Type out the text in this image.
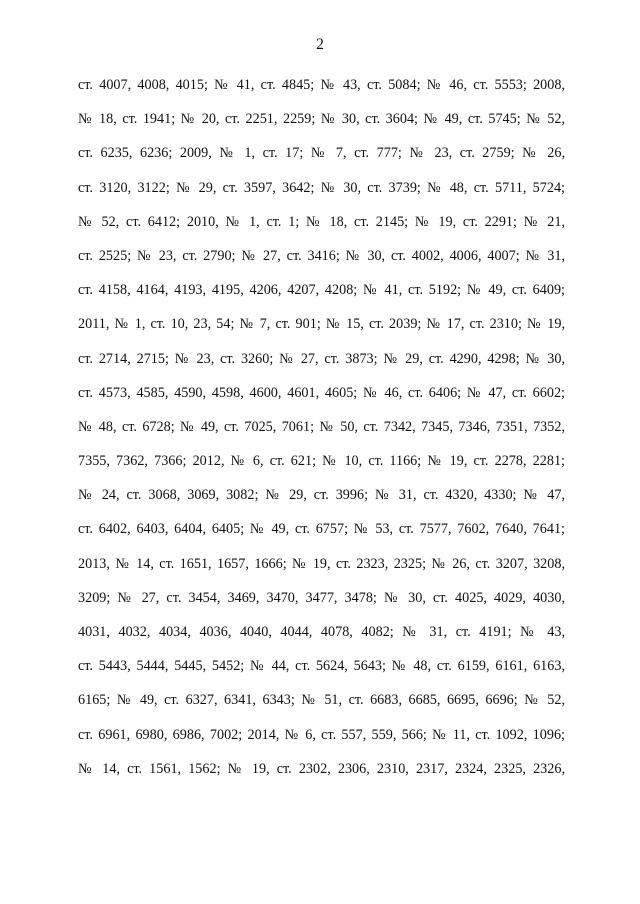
2
ст. 4007, 4008, 4015; № 41, ст. 4845; № 43, ст. 5084; № 46, ст. 5553; 2008,
№ 18, ст. 1941; № 20, ст. 2251, 2259; № 30, ст. 3604; № 49, ст. 5745; № 52,
ст. 6235, 6236; 2009, № 1, ст. 17; № 7, ст. 777; № 23, ст. 2759; № 26,
ст. 3120, 3122; № 29, ст. 3597, 3642; № 30, ст. 3739; № 48, ст. 5711, 5724;
№ 52, ст. 6412; 2010, № 1, ст. 1; № 18, ст. 2145; № 19, ст. 2291; № 21,
ст. 2525; № 23, ст. 2790; № 27, ст. 3416; № 30, ст. 4002, 4006, 4007; № 31,
ст. 4158, 4164, 4193, 4195, 4206, 4207, 4208; № 41, ст. 5192; № 49, ст. 6409;
2011, № 1, ст. 10, 23, 54; № 7, ст. 901; № 15, ст. 2039; № 17, ст. 2310; № 19,
ст. 2714, 2715; № 23, ст. 3260; № 27, ст. 3873; № 29, ст. 4290, 4298; № 30,
ст. 4573, 4585, 4590, 4598, 4600, 4601, 4605; № 46, ст. 6406; № 47, ст. 6602;
№ 48, ст. 6728; № 49, ст. 7025, 7061; № 50, ст. 7342, 7345, 7346, 7351, 7352,
7355, 7362, 7366; 2012, № 6, ст. 621; № 10, ст. 1166; № 19, ст. 2278, 2281;
№ 24, ст. 3068, 3069, 3082; № 29, ст. 3996; № 31, ст. 4320, 4330; № 47,
ст. 6402, 6403, 6404, 6405; № 49, ст. 6757; № 53, ст. 7577, 7602, 7640, 7641;
2013, № 14, ст. 1651, 1657, 1666; № 19, ст. 2323, 2325; № 26, ст. 3207, 3208,
3209; № 27, ст. 3454, 3469, 3470, 3477, 3478; № 30, ст. 4025, 4029, 4030,
4031, 4032, 4034, 4036, 4040, 4044, 4078, 4082; № 31, ст. 4191; № 43,
ст. 5443, 5444, 5445, 5452; № 44, ст. 5624, 5643; № 48, ст. 6159, 6161, 6163,
6165; № 49, ст. 6327, 6341, 6343; № 51, ст. 6683, 6685, 6695, 6696; № 52,
ст. 6961, 6980, 6986, 7002; 2014, № 6, ст. 557, 559, 566; № 11, ст. 1092, 1096;
№ 14, ст. 1561, 1562; № 19, ст. 2302, 2306, 2310, 2317, 2324, 2325, 2326,
